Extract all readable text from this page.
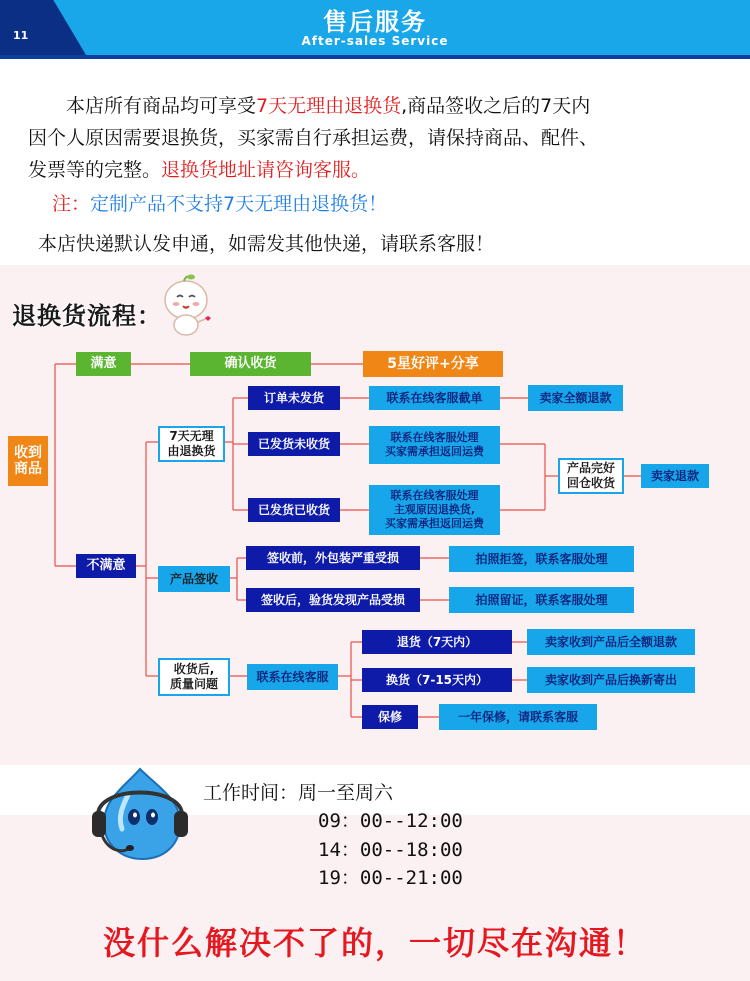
11	售后服务
After-sales Service
本店所有商品均可享受7天无理由退换货,商品签收之后的7天内
因个人原因需要退换货，买家需自行承担运费，请保持商品、配件、
发票等的完整。退换货地址请咨询客服。
注：定制产品不支持7天无理由退换货！
本店快递默认发申通，如需发其他快递，请联系客服！
退换货流程：
收到
商品
满意	确认收货	5星好评+分享
不满意
7天无理
由退换货
订单未发货	联系在线客服截单	卖家全额退款
已发货未收货	联系在线客服处理
买家需承担返回运费
已发货已收货
联系在线客服处理
主观原因退换货,
买家需承担返回运费
产品完好
回仓收货
卖家退款
产品签收
签收前，外包装严重受损	拍照拒签，联系客服处理
签收后，验货发现产品受损	拍照留证，联系客服处理
收货后,
质量问题
联系在线客服
退货（7天内）	卖家收到产品后全额退款
换货（7-15天内）	卖家收到产品后换新寄出
保修	一年保修，请联系客服
工作时间：周一至周六
09：00--12:00
14：00--18:00
19：00--21:00
没什么解决不了的，一切尽在沟通！
